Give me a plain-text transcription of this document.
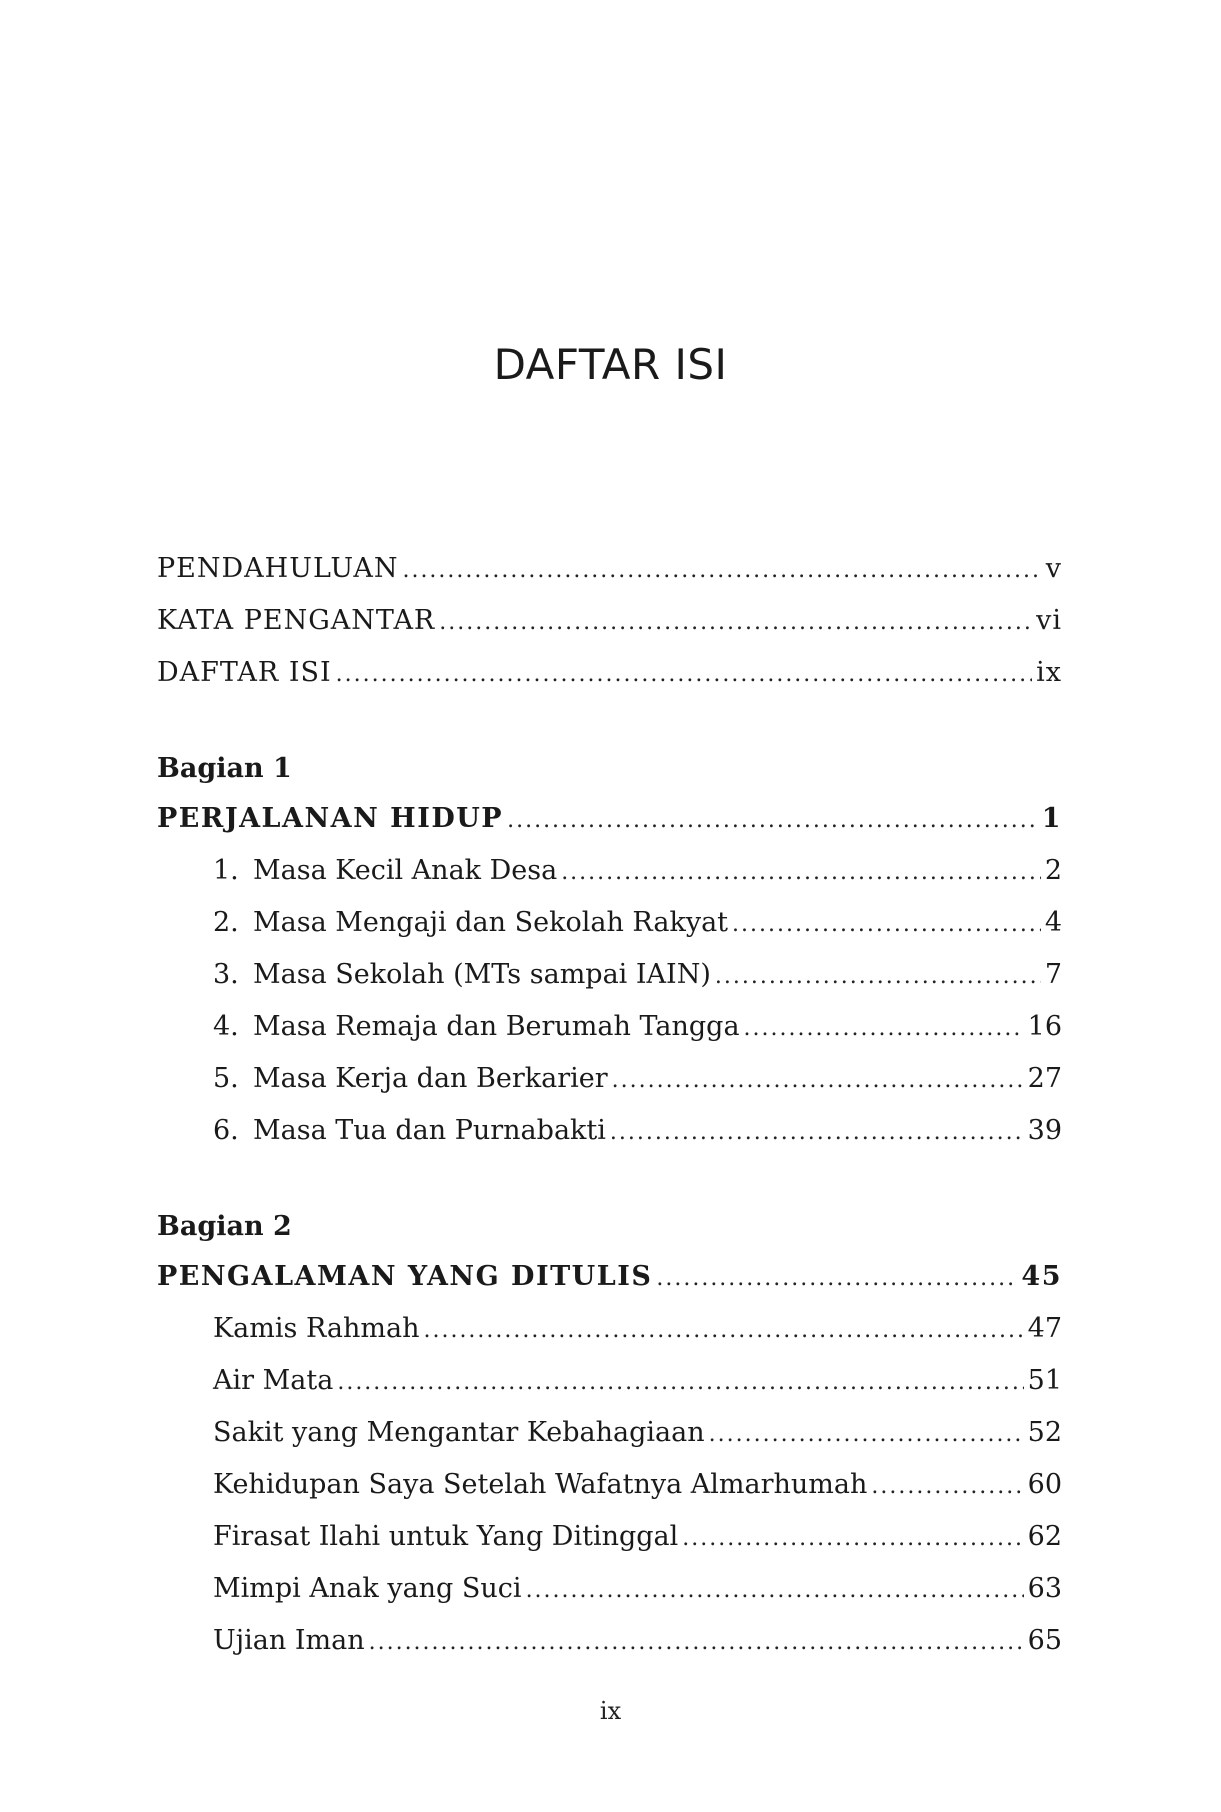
DAFTAR ISI
PENDAHULUAN .....	v
KATA PENGANTAR .....	vi
DAFTAR ISI .....	ix
Bagian 1
PERJALANAN HIDUP .....	1
1. Masa Kecil Anak Desa .....	2
2. Masa Mengaji dan Sekolah Rakyat .....	4
3. Masa Sekolah (MTs sampai IAIN) .....	7
4. Masa Remaja dan Berumah Tangga .....	16
5. Masa Kerja dan Berkarier .....	27
6. Masa Tua dan Purnabakti .....	39
Bagian 2
PENGALAMAN YANG DITULIS .....	45
Kamis Rahmah .....	47
Air Mata .....	51
Sakit yang Mengantar Kebahagiaan .....	52
Kehidupan Saya Setelah Wafatnya Almarhumah .....	60
Firasat Ilahi untuk Yang Ditinggal .....	62
Mimpi Anak yang Suci .....	63
Ujian Iman .....	65
ix
